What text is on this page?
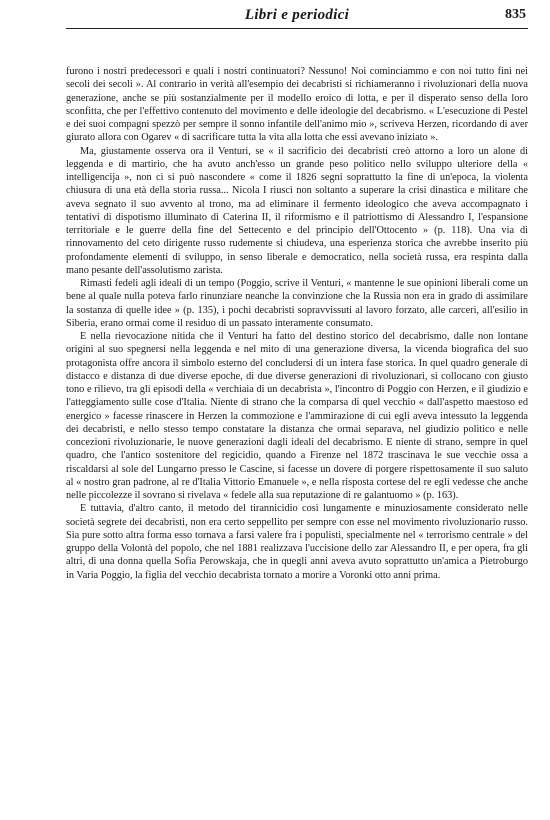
Libri e periodici	835

furono i nostri predecessori e quali i nostri continuatori? Nessuno! Noi cominciammo e con noi tutto finì nei secoli dei secoli ». Al contrario in verità all'esempio dei decabristi si richiameranno i rivoluzionari della nuova generazione, anche se più sostanzialmente per il modello eroico di lotta, e per il disperato senso della loro sconfitta, che per l'effettivo contenuto del movimento e delle ideologie del decabrismo. « L'esecuzione di Pestel e dei suoi compagni spezzò per sempre il sonno infantile dell'animo mio », scriveva Herzen, ricordando di aver giurato allora con Ogarev « di sacrificare tutta la vita alla lotta che essi avevano iniziato ».

Ma, giustamente osserva ora il Venturi, se « il sacrificio dei decabristi creò attorno a loro un alone di leggenda e di martirio, che ha avuto anch'esso un grande peso politico nello sviluppo ulteriore della « intelligencija », non ci si può nascondere « come il 1826 segni soprattutto la fine di un'epoca, la violenta chiusura di una età della storia russa... Nicola I riuscì non soltanto a superare la crisi dinastica e militare che aveva segnato il suo avvento al trono, ma ad eliminare il fermento ideologico che aveva accompagnato i tentativi di dispotismo illuminato di Caterina II, il riformismo e il patriottismo di Alessandro I, l'espansione territoriale e le guerre della fine del Settecento e del principio dell'Ottocento » (p. 118). Una via di rinnovamento del ceto dirigente russo rudemente si chiudeva, una esperienza storica che avrebbe inserito più profondamente elementi di sviluppo, in senso liberale e democratico, nella società russa, era respinta dalla mano pesante dell'assolutismo zarista.

Rimasti fedeli agli ideali di un tempo (Poggio, scrive il Venturi, « mantenne le sue opinioni liberali come un bene al quale nulla poteva farlo rinunziare neanche la convinzione che la Russia non era in grado di assimilare la sostanza di quelle idee » (p. 135), i pochi decabristi sopravvissuti al lavoro forzato, alle carceri, all'esilio in Siberia, erano ormai come il residuo di un passato interamente consumato.

E nella rievocazione nitida che il Venturi ha fatto del destino storico del decabrismo, dalle non lontane origini al suo spegnersi nella leggenda e nel mito di una generazione diversa, la vicenda biografica del suo protagonista offre ancora il simbolo esterno del concludersi di un intera fase storica. In quel quadro generale di distacco e distanza di due diverse epoche, di due diverse generazioni di rivoluzionari, si collocano con giusto tono e rilievo, tra gli episodi della « verchiaia di un decabrista », l'incontro di Poggio con Herzen, e il giudizio e l'atteggiamento sulle cose d'Italia. Niente di strano che la comparsa di quel vecchio « dall'aspetto maestoso ed energico » facesse rinascere in Herzen la commozione e l'ammirazione di cui egli aveva intessuto la leggenda dei decabristi, e nello stesso tempo constatare la distanza che ormai separava, nel giudizio politico e nelle concezioni rivoluzionarie, le nuove generazioni dagli ideali del decabrismo. E niente di strano, sempre in quel quadro, che l'antico sostenitore del regicidio, quando a Firenze nel 1872 trascinava le sue vecchie ossa a riscaldarsi al sole del Lungarno presso le Cascine, si facesse un dovere di porgere rispettosamente il suo saluto al « nostro gran padrone, al re d'Italia Vittorio Emanuele », e nella risposta cortese del re egli vedesse che anche nelle piccolezze il sovrano si rivelava « fedele alla sua reputazione di re galantuomo » (p. 163).

E tuttavia, d'altro canto, il metodo del tirannicidio così lungamente e minuziosamente considerato nelle società segrete dei decabristi, non era certo seppellito per sempre con esse nel movimento rivoluzionario russo. Sia pure sotto altra forma esso tornava a farsi valere fra i populisti, specialmente nel « terrorismo centrale » del gruppo della Volontà del popolo, che nel 1881 realizzava l'uccisione dello zar Alessandro II, e per opera, fra gli altri, di una donna quella Sofia Perowskaja, che in quegli anni aveva avuto soprattutto un'amica a Pietroburgo in Varia Poggio, la figlia del vecchio decabrista tornato a morire a Voronki otto anni prima.
